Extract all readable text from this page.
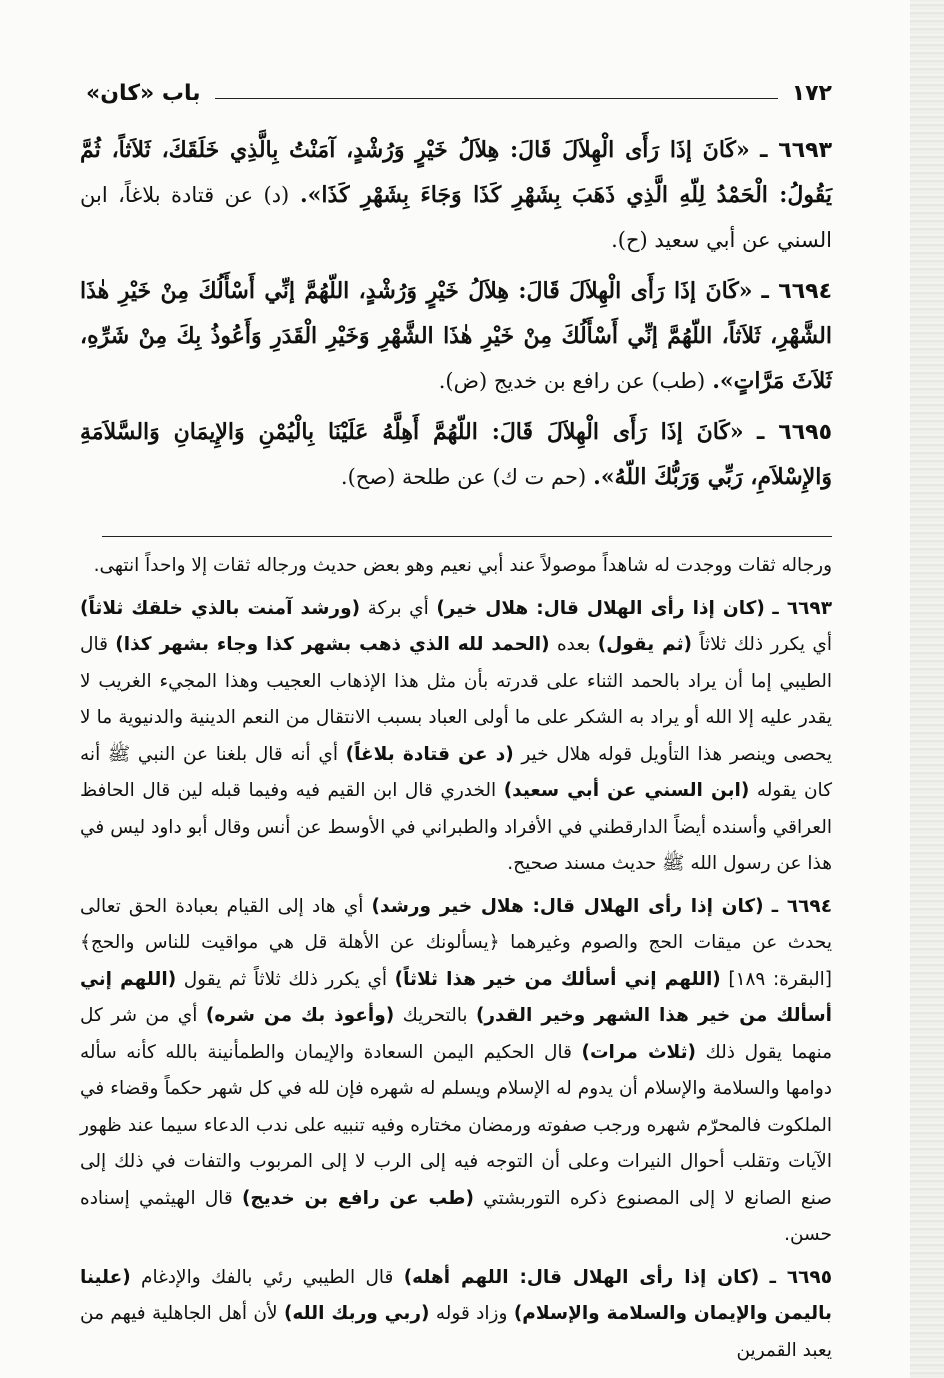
١٧٢
باب «كان»

٦٦٩٣ ـ «كَانَ إذَا رَأَى الْهِلاَلَ قَالَ: هِلاَلُ خَيْرٍ وَرُشْدٍ، آمَنْتُ بِالَّذِي خَلَقَكَ، ثَلاَثاً، ثُمَّ يَقُولُ: الْحَمْدُ لِلّهِ الَّذِي ذَهَبَ بِشَهْرِ كَذَا وَجَاءَ بِشَهْرِ كَذَا». (د) عن قتادة بلاغاً، ابن السني عن أبي سعيد (ح).

٦٦٩٤ ـ «كَانَ إذَا رَأَى الْهِلاَلَ قَالَ: هِلاَلُ خَيْرٍ وَرُشْدٍ، اللّهُمَّ إنِّي أَسْأَلُكَ مِنْ خَيْرِ هٰذَا الشَّهْرِ، ثَلاَثاً، اللّهُمَّ إنِّي أَسْأَلُكَ مِنْ خَيْرِ هٰذَا الشَّهْرِ وَخَيْرِ الْقَدَرِ وَأَعُوذُ بِكَ مِنْ شَرِّهِ، ثَلاَثَ مَرَّاتٍ». (طب) عن رافع بن خديج (ض).

٦٦٩٥ ـ «كَانَ إذَا رَأَى الْهِلاَلَ قَالَ: اللّهُمَّ أَهِلَّهُ عَلَيْنَا بِالْيُمْنِ وَالإِيمَانِ وَالسَّلاَمَةِ وَالإِسْلاَمِ، رَبِّي وَرَبُّكَ اللّهُ». (حم ت ك) عن طلحة (صح).

ورجاله ثقات ووجدت له شاهداً موصولاً عند أبي نعيم وهو بعض حديث ورجاله ثقات إلا واحداً انتهى.

٦٦٩٣ ـ (كان إذا رأى الهلال قال: هلال خير) أي بركة (ورشد آمنت بالذي خلقك ثلاثاً) أي يكرر ذلك ثلاثاً (ثم يقول) بعده (الحمد لله الذي ذهب بشهر كذا وجاء بشهر كذا) قال الطيبي إما أن يراد بالحمد الثناء على قدرته بأن مثل هذا الإذهاب العجيب وهذا المجيء الغريب لا يقدر عليه إلا الله أو يراد به الشكر على ما أولى العباد بسبب الانتقال من النعم الدينية والدنيوية ما لا يحصى وينصر هذا التأويل قوله هلال خير (د عن قتادة بلاغاً) أي أنه قال بلغنا عن النبي ﷺ أنه كان يقوله (ابن السني عن أبي سعيد) الخدري قال ابن القيم فيه وفيما قبله لين قال الحافظ العراقي وأسنده أيضاً الدارقطني في الأفراد والطبراني في الأوسط عن أنس وقال أبو داود ليس في هذا عن رسول الله ﷺ حديث مسند صحيح.

٦٦٩٤ ـ (كان إذا رأى الهلال قال: هلال خير ورشد) أي هاد إلى القيام بعبادة الحق تعالى يحدث عن ميقات الحج والصوم وغيرهما ﴿يسألونك عن الأهلة قل هي مواقيت للناس والحج﴾ [البقرة: ١٨٩] (اللهم إني أسألك من خير هذا ثلاثاً) أي يكرر ذلك ثلاثاً ثم يقول (اللهم إني أسألك من خير هذا الشهر وخير القدر) بالتحريك (وأعوذ بك من شره) أي من شر كل منهما يقول ذلك (ثلاث مرات) قال الحكيم اليمن السعادة والإيمان والطمأنينة بالله كأنه سأله دوامها والسلامة والإسلام أن يدوم له الإسلام ويسلم له شهره فإن لله في كل شهر حكماً وقضاء في الملكوت فالمحرّم شهره ورجب صفوته ورمضان مختاره وفيه تنبيه على ندب الدعاء سيما عند ظهور الآيات وتقلب أحوال النيرات وعلى أن التوجه فيه إلى الرب لا إلى المربوب والتفات في ذلك إلى صنع الصانع لا إلى المصنوع ذكره التوربشتي (طب عن رافع بن خديج) قال الهيثمي إسناده حسن.

٦٦٩٥ ـ (كان إذا رأى الهلال قال: اللهم أهله) قال الطيبي رئي بالفك والإدغام (علينا باليمن والإيمان والسلامة والإسلام) وزاد قوله (ربي وربك الله) لأن أهل الجاهلية فيهم من يعبد القمرين
